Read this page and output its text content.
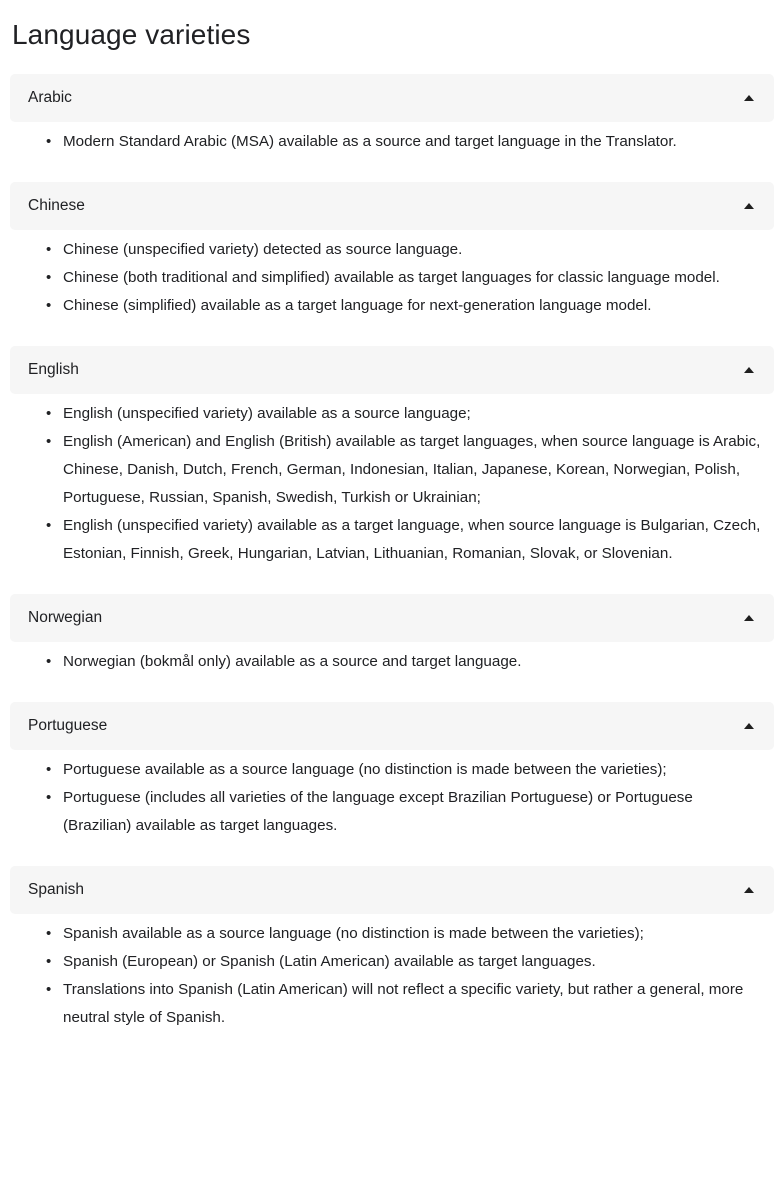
Language varieties
Arabic
• Modern Standard Arabic (MSA) available as a source and target language in the Translator.
Chinese
• Chinese (unspecified variety) detected as source language.
• Chinese (both traditional and simplified) available as target languages for classic language model.
• Chinese (simplified) available as a target language for next-generation language model.
English
• English (unspecified variety) available as a source language;
• English (American) and English (British) available as target languages, when source language is Arabic, Chinese, Danish, Dutch, French, German, Indonesian, Italian, Japanese, Korean, Norwegian, Polish, Portuguese, Russian, Spanish, Swedish, Turkish or Ukrainian;
• English (unspecified variety) available as a target language, when source language is Bulgarian, Czech, Estonian, Finnish, Greek, Hungarian, Latvian, Lithuanian, Romanian, Slovak, or Slovenian.
Norwegian
• Norwegian (bokmål only) available as a source and target language.
Portuguese
• Portuguese available as a source language (no distinction is made between the varieties);
• Portuguese (includes all varieties of the language except Brazilian Portuguese) or Portuguese (Brazilian) available as target languages.
Spanish
• Spanish available as a source language (no distinction is made between the varieties);
• Spanish (European) or Spanish (Latin American) available as target languages.
• Translations into Spanish (Latin American) will not reflect a specific variety, but rather a general, more neutral style of Spanish.
